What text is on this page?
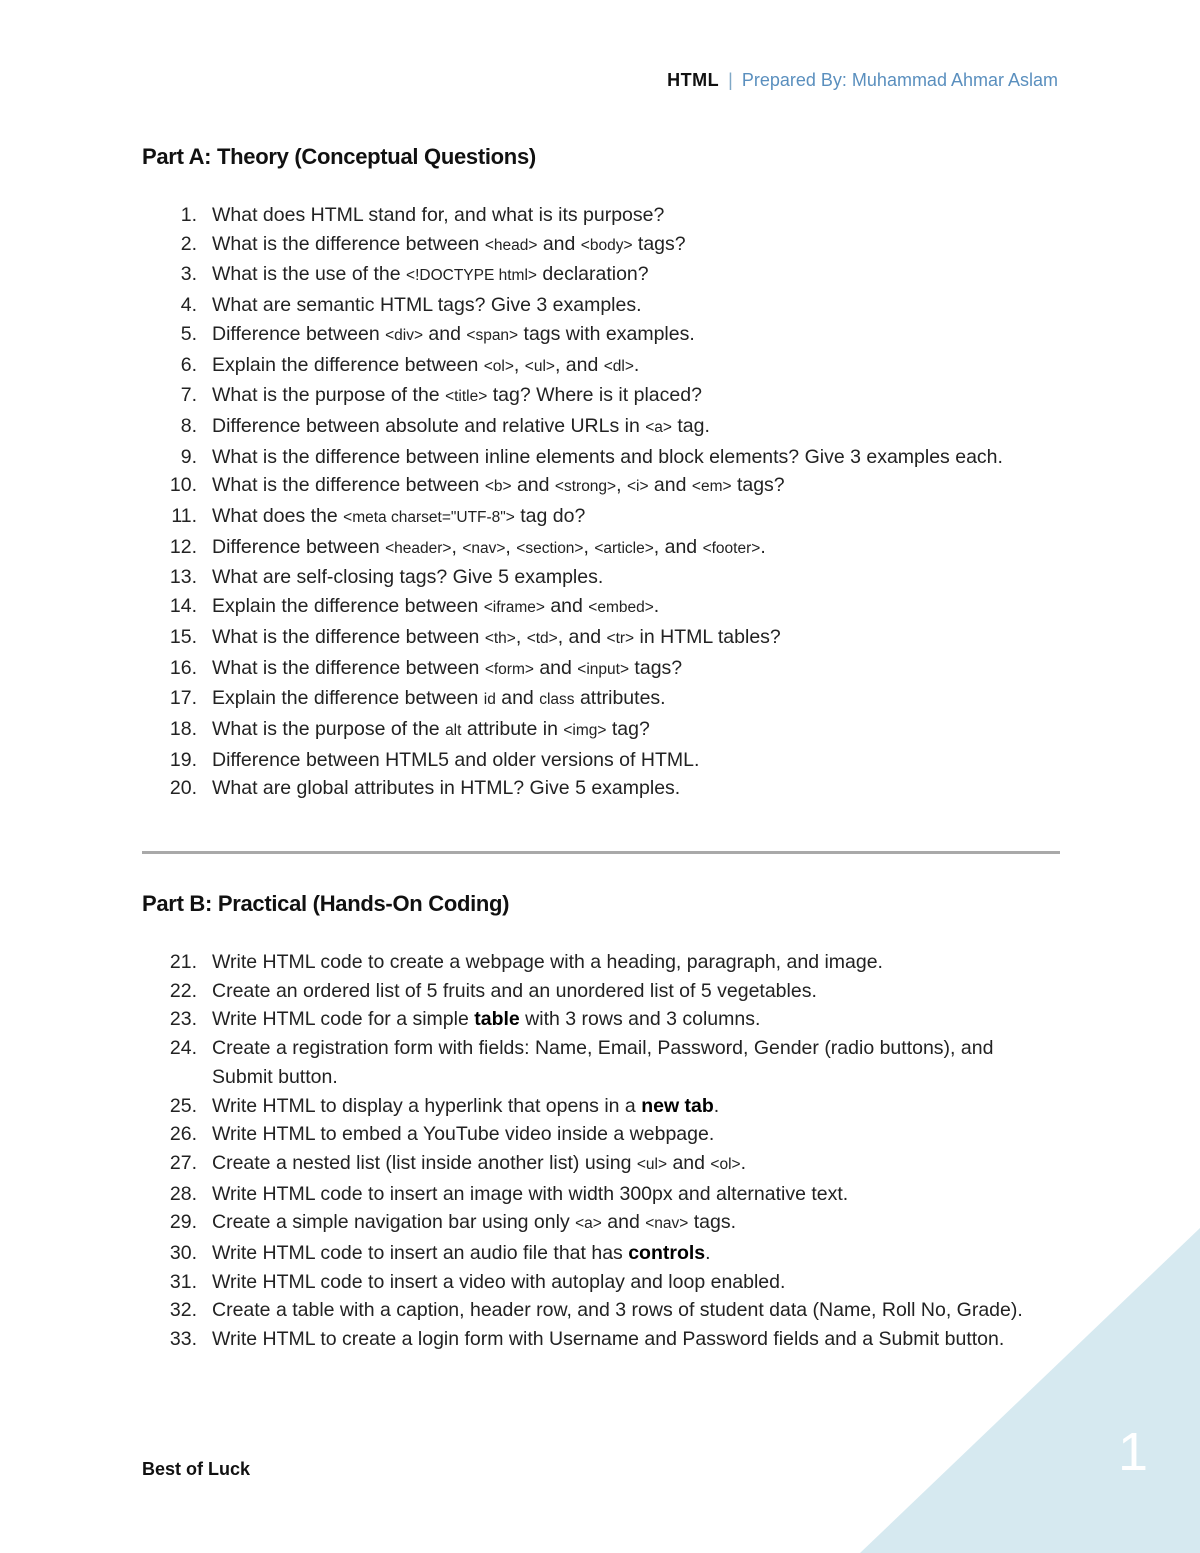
1
HTML | Prepared By: Muhammad Ahmar Aslam
Part A: Theory (Conceptual Questions)
1. What does HTML stand for, and what is its purpose?
2. What is the difference between <head> and <body> tags?
3. What is the use of the <!DOCTYPE html> declaration?
4. What are semantic HTML tags? Give 3 examples.
5. Difference between <div> and <span> tags with examples.
6. Explain the difference between <ol>, <ul>, and <dl>.
7. What is the purpose of the <title> tag? Where is it placed?
8. Difference between absolute and relative URLs in <a> tag.
9. What is the difference between inline elements and block elements? Give 3 examples each.
10. What is the difference between <b> and <strong>, <i> and <em> tags?
11. What does the <meta charset="UTF-8"> tag do?
12. Difference between <header>, <nav>, <section>, <article>, and <footer>.
13. What are self-closing tags? Give 5 examples.
14. Explain the difference between <iframe> and <embed>.
15. What is the difference between <th>, <td>, and <tr> in HTML tables?
16. What is the difference between <form> and <input> tags?
17. Explain the difference between id and class attributes.
18. What is the purpose of the alt attribute in <img> tag?
19. Difference between HTML5 and older versions of HTML.
20. What are global attributes in HTML? Give 5 examples.
Part B: Practical (Hands-On Coding)
21. Write HTML code to create a webpage with a heading, paragraph, and image.
22. Create an ordered list of 5 fruits and an unordered list of 5 vegetables.
23. Write HTML code for a simple table with 3 rows and 3 columns.
24. Create a registration form with fields: Name, Email, Password, Gender (radio buttons), and Submit button.
25. Write HTML to display a hyperlink that opens in a new tab.
26. Write HTML to embed a YouTube video inside a webpage.
27. Create a nested list (list inside another list) using <ul> and <ol>.
28. Write HTML code to insert an image with width 300px and alternative text.
29. Create a simple navigation bar using only <a> and <nav> tags.
30. Write HTML code to insert an audio file that has controls.
31. Write HTML code to insert a video with autoplay and loop enabled.
32. Create a table with a caption, header row, and 3 rows of student data (Name, Roll No, Grade).
33. Write HTML to create a login form with Username and Password fields and a Submit button.
Best of Luck
